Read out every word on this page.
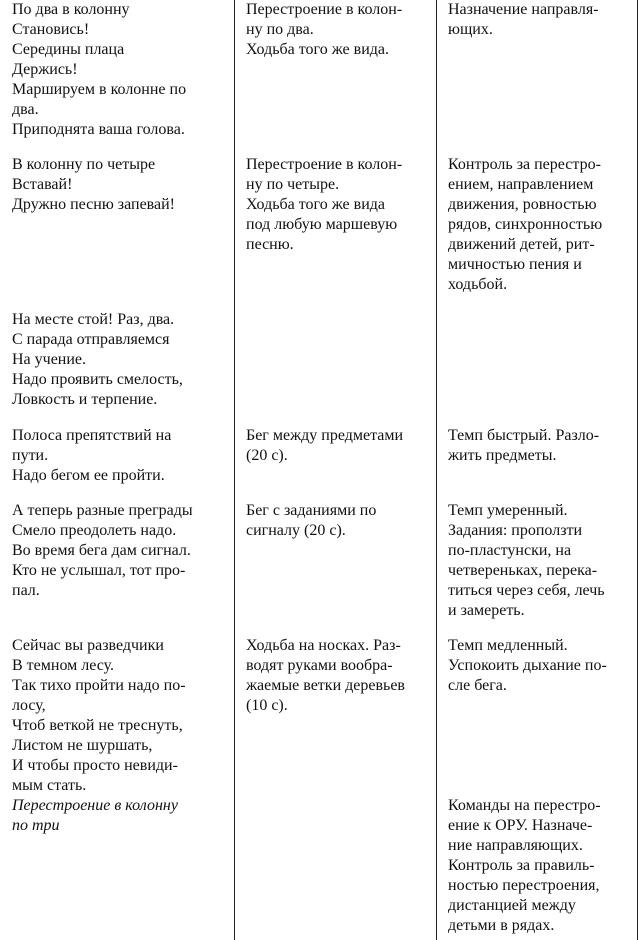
По два в колонну
Становись!
Середины плаца
Держись!
Маршируем в колонне по
два.
Приподнята ваша голова.
Перестроение в колон-
ну по два.
Ходьба того же вида.
Назначение направля-
ющих.
В колонну по четыре
Вставай!
Дружно песню запевай!
Перестроение в колон-
ну по четыре.
Ходьба того же вида
под любую маршевую
песню.
Контроль за перестро-
ением, направлением
движения, ровностью
рядов, синхронностью
движений детей, рит-
мичностью пения и
ходьбой.
На месте стой! Раз, два.
С парада отправляемся
На учение.
Надо проявить смелость,
Ловкость и терпение.
Полоса препятствий на
пути.
Надо бегом ее пройти.
Бег между предметами
(20 с).
Темп быстрый. Разло-
жить предметы.
А теперь разные преграды
Смело преодолеть надо.
Во время бега дам сигнал.
Кто не услышал, тот про-
пал.
Бег с заданиями по
сигналу (20 с).
Темп умеренный.
Задания: проползти
по-пластунски, на
четвереньках, перека-
титься через себя, лечь
и замереть.
Сейчас вы разведчики
В темном лесу.
Так тихо пройти надо по-
лосу,
Чтоб веткой не треснуть,
Листом не шуршать,
И чтобы просто невиди-
мым стать.
Перестроение в колонну
по три
Ходьба на носках. Раз-
водят руками вообра-
жаемые ветки деревьев
(10 с).
Темп медленный.
Успокоить дыхание по-
сле бега.
Команды на перестро-
ение к ОРУ. Назначе-
ние направляющих.
Контроль за правиль-
ностью перестроения,
дистанцией между
детьми в рядах.
